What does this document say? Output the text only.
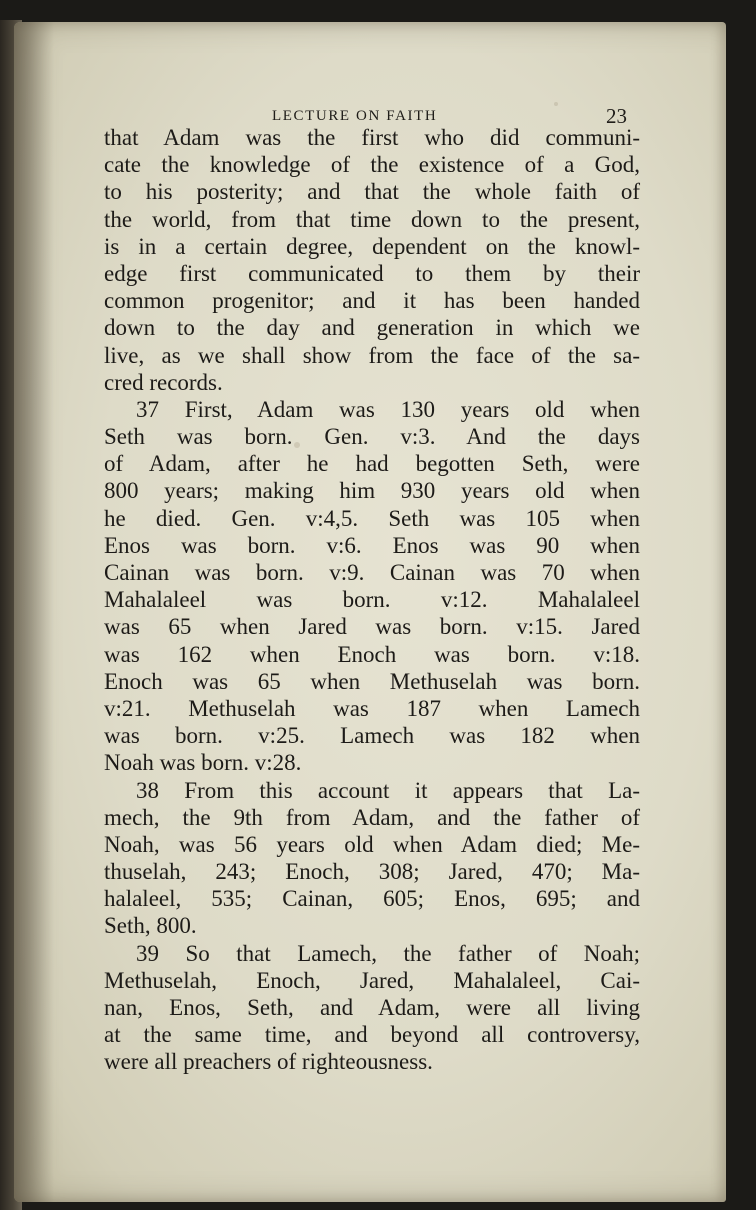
LECTURE ON FAITH	23
that Adam was the first who did communi-
cate the knowledge of the existence of a God,
to his posterity; and that the whole faith of
the world, from that time down to the present,
is in a certain degree, dependent on the knowl-
edge first communicated to them by their
common progenitor; and it has been handed
down to the day and generation in which we
live, as we shall show from the face of the sa-
cred records.
37 First, Adam was 130 years old when
Seth was born. Gen. v:3. And the days
of Adam, after he had begotten Seth, were
800 years; making him 930 years old when
he died. Gen. v:4,5. Seth was 105 when
Enos was born. v:6. Enos was 90 when
Cainan was born. v:9. Cainan was 70 when
Mahalaleel was born. v:12. Mahalaleel
was 65 when Jared was born. v:15. Jared
was 162 when Enoch was born. v:18.
Enoch was 65 when Methuselah was born.
v:21. Methuselah was 187 when Lamech
was born. v:25. Lamech was 182 when
Noah was born. v:28.
38 From this account it appears that La-
mech, the 9th from Adam, and the father of
Noah, was 56 years old when Adam died; Me-
thuselah, 243; Enoch, 308; Jared, 470; Ma-
halaleel, 535; Cainan, 605; Enos, 695; and
Seth, 800.
39 So that Lamech, the father of Noah;
Methuselah, Enoch, Jared, Mahalaleel, Cai-
nan, Enos, Seth, and Adam, were all living
at the same time, and beyond all controversy,
were all preachers of righteousness.
